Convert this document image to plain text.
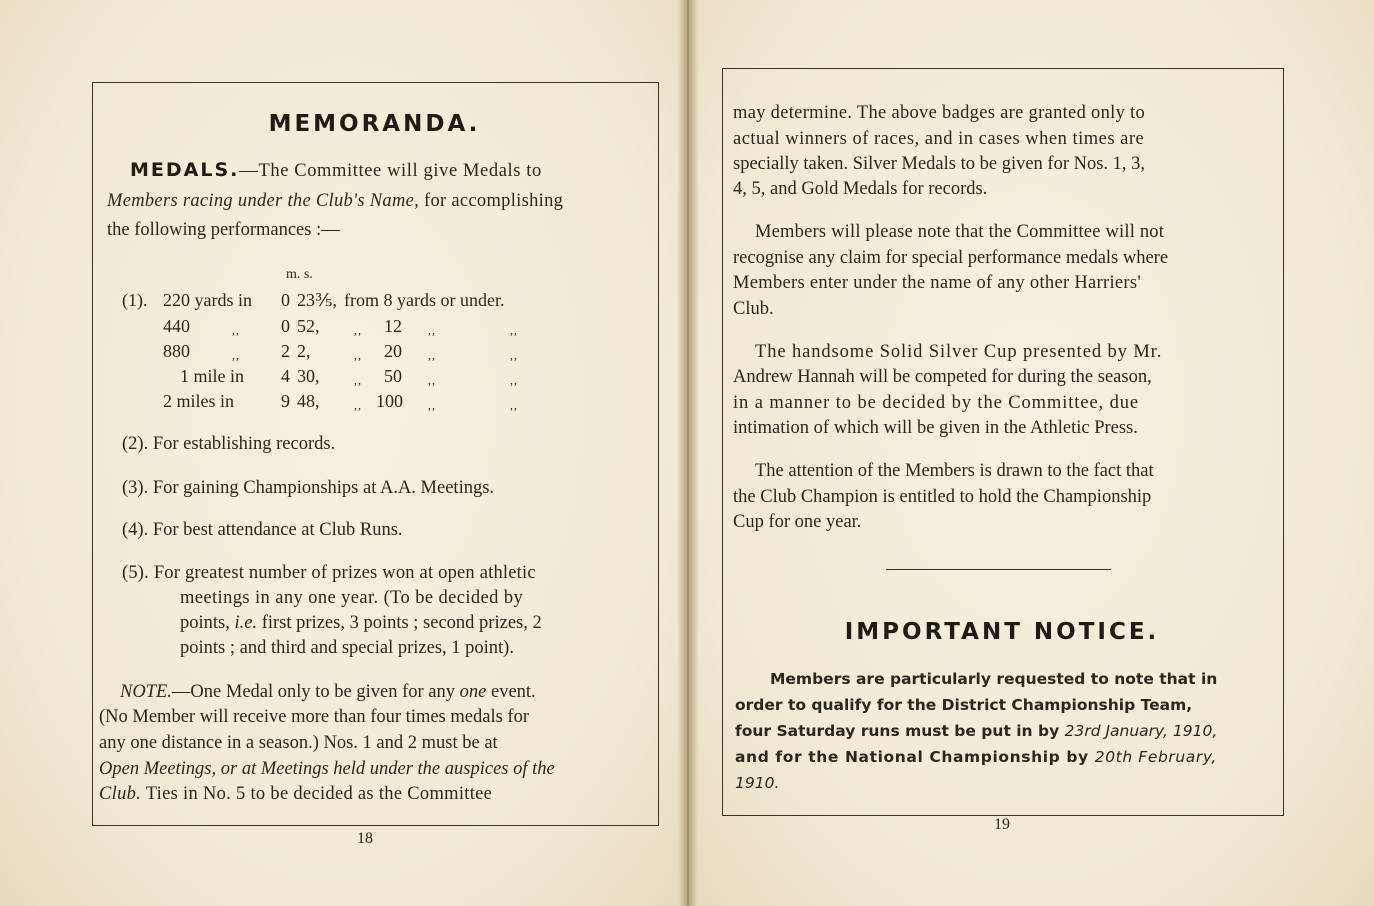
MEMORANDA.
MEDALS.—The Committee will give Medals to
Members racing under the Club's Name, for accomplishing
the following performances :—
m. s.
(1). 220 yards in 0 23⅗, from 8 yards or under.
440	,, 0 52,	,, 12 ,,	,,
880	,, 2 2,	,, 20 ,,	,,
1 mile in 4 30,	,, 50 ,,	,,
2 miles in	9 48,	,, 100 ,,	,,
(2). For establishing records.
(3). For gaining Championships at A.A. Meetings.
(4). For best attendance at Club Runs.
(5). For greatest number of prizes won at open athletic
meetings in any one year. (To be decided by
points, i.e. first prizes, 3 points ; second prizes, 2
points ; and third and special prizes, 1 point).
NOTE.—One Medal only to be given for any one event.
(No Member will receive more than four times medals for
any one distance in a season.) Nos. 1 and 2 must be at
Open Meetings, or at Meetings held under the auspices of the
Club. Ties in No. 5 to be decided as the Committee
18
may determine. The above badges are granted only to
actual winners of races, and in cases when times are
specially taken. Silver Medals to be given for Nos. 1, 3,
4, 5, and Gold Medals for records.
Members will please note that the Committee will not
recognise any claim for special performance medals where
Members enter under the name of any other Harriers'
Club.
The handsome Solid Silver Cup presented by Mr.
Andrew Hannah will be competed for during the season,
in a manner to be decided by the Committee, due
intimation of which will be given in the Athletic Press.
The attention of the Members is drawn to the fact that
the Club Champion is entitled to hold the Championship
Cup for one year.
IMPORTANT NOTICE.
Members are particularly requested to note that in
order to qualify for the District Championship Team,
four Saturday runs must be put in by 23rd January, 1910,
and for the National Championship by 20th February,
1910.
19
